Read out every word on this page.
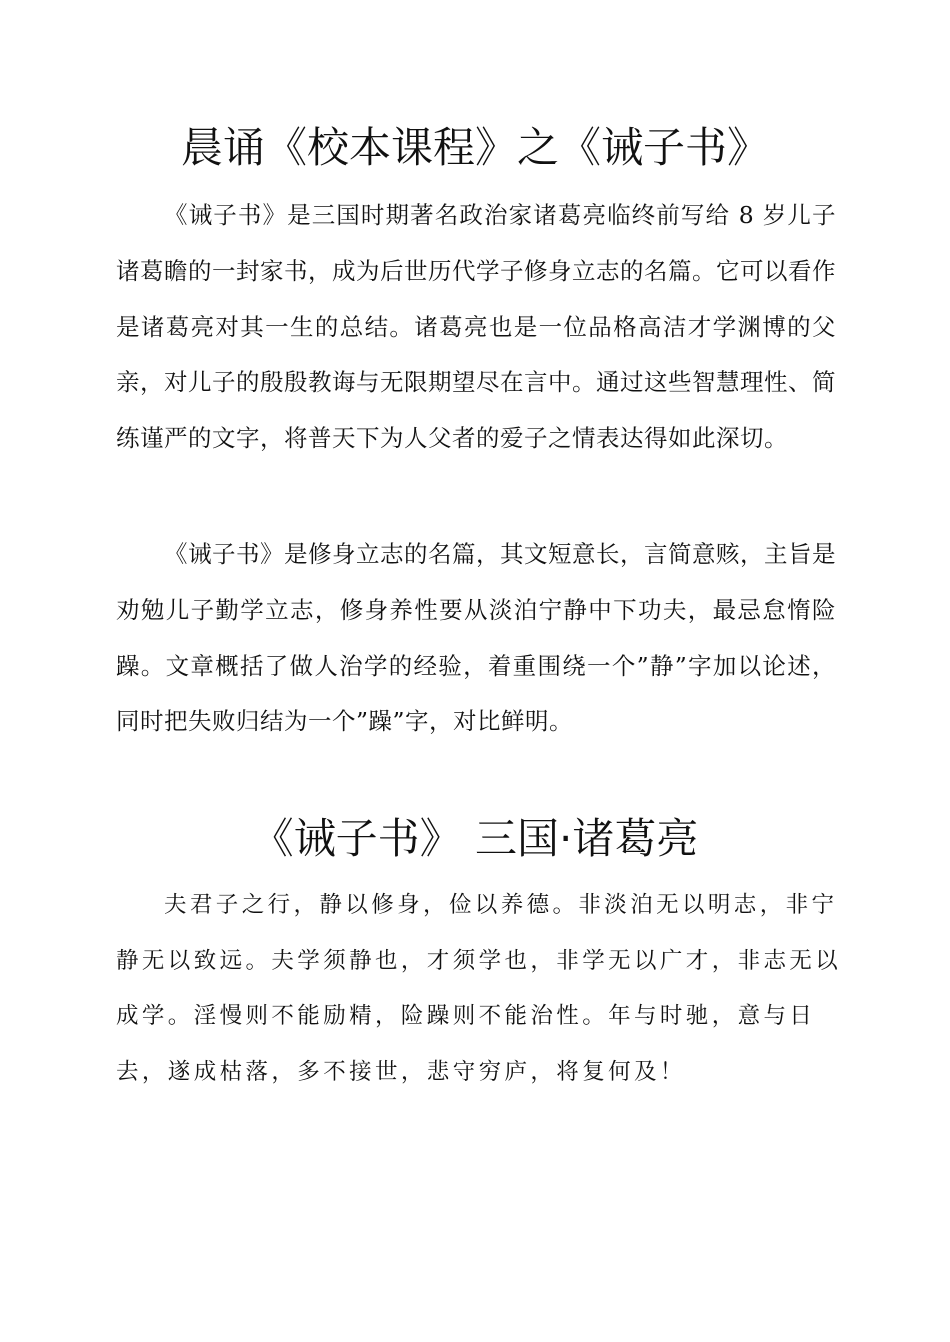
晨诵《校本课程》之《诫子书》

《诫子书》是三国时期著名政治家诸葛亮临终前写给 8 岁儿子诸葛瞻的一封家书，成为后世历代学子修身立志的名篇。它可以看作是诸葛亮对其一生的总结。诸葛亮也是一位品格高洁才学渊博的父亲，对儿子的殷殷教诲与无限期望尽在言中。通过这些智慧理性、简练谨严的文字，将普天下为人父者的爱子之情表达得如此深切。

《诫子书》是修身立志的名篇，其文短意长，言简意赅，主旨是劝勉儿子勤学立志，修身养性要从淡泊宁静中下功夫，最忌怠惰险躁。文章概括了做人治学的经验，着重围绕一个”静”字加以论述，同时把失败归结为一个”躁”字，对比鲜明。

《诫子书》 三国·诸葛亮

夫君子之行，静以修身，俭以养德。非淡泊无以明志，非宁静无以致远。夫学须静也，才须学也，非学无以广才，非志无以成学。淫慢则不能励精，险躁则不能治性。年与时驰，意与日去，遂成枯落，多不接世，悲守穷庐，将复何及！
